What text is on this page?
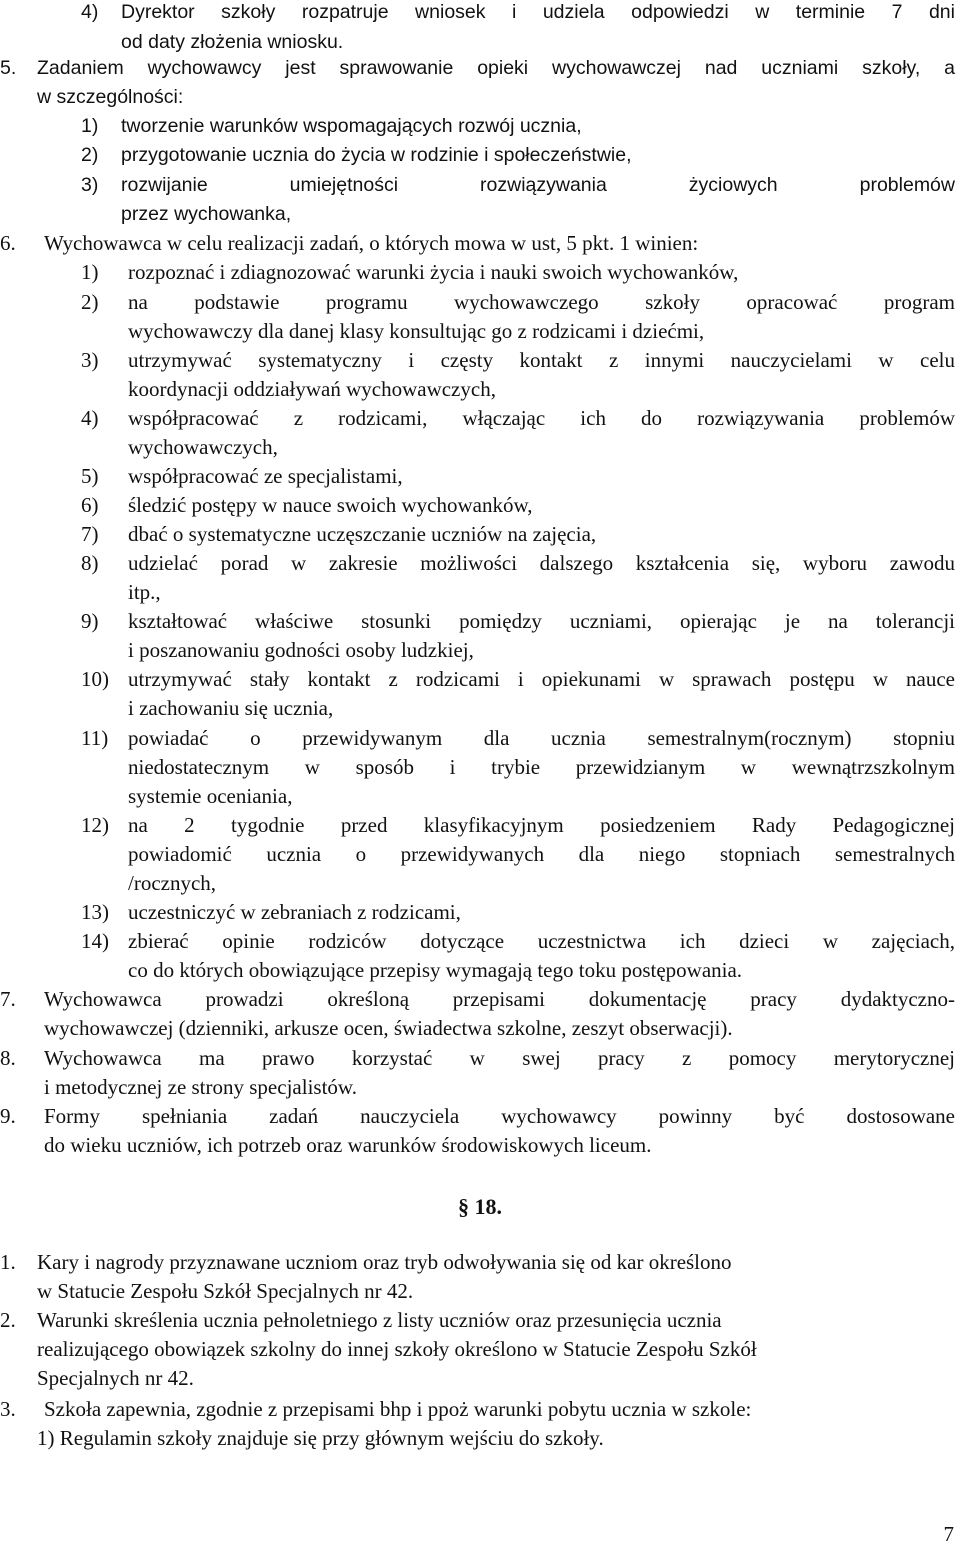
4) Dyrektor szkoły rozpatruje wniosek i udziela odpowiedzi w terminie 7 dni
od daty złożenia wniosku.
5. Zadaniem wychowawcy jest sprawowanie opieki wychowawczej nad uczniami szkoły, a
w szczególności:
1) tworzenie warunków wspomagających rozwój ucznia,
2) przygotowanie ucznia do życia w rodzinie i społeczeństwie,
3) rozwijanie umiejętności rozwiązywania życiowych problemów
przez wychowanka,
6. Wychowawca w celu realizacji zadań, o których mowa w ust, 5 pkt. 1 winien:
1) rozpoznać i zdiagnozować warunki życia i nauki swoich wychowanków,
2) na podstawie programu wychowawczego szkoły opracować program
wychowawczy dla danej klasy konsultując go z rodzicami i dziećmi,
3) utrzymywać systematyczny i częsty kontakt z innymi nauczycielami w celu
koordynacji oddziaływań wychowawczych,
4) współpracować z rodzicami, włączając ich do rozwiązywania problemów
wychowawczych,
5) współpracować ze specjalistami,
6) śledzić postępy w nauce swoich wychowanków,
7) dbać o systematyczne uczęszczanie uczniów na zajęcia,
8) udzielać porad w zakresie możliwości dalszego kształcenia się, wyboru zawodu
itp.,
9) kształtować właściwe stosunki pomiędzy uczniami, opierając je na tolerancji
i poszanowaniu godności osoby ludzkiej,
10) utrzymywać stały kontakt z rodzicami i opiekunami w sprawach postępu w nauce
i zachowaniu się ucznia,
11) powiadać o przewidywanym dla ucznia semestralnym(rocznym) stopniu
niedostatecznym w sposób i trybie przewidzianym w wewnątrzszkolnym
systemie oceniania,
12) na 2 tygodnie przed klasyfikacyjnym posiedzeniem Rady Pedagogicznej
powiadomić ucznia o przewidywanych dla niego stopniach semestralnych
/rocznych,
13) uczestniczyć w zebraniach z rodzicami,
14) zbierać opinie rodziców dotyczące uczestnictwa ich dzieci w zajęciach,
co do których obowiązujące przepisy wymagają tego toku postępowania.
7. Wychowawca prowadzi określoną przepisami dokumentację pracy dydaktyczno-
wychowawczej (dzienniki, arkusze ocen, świadectwa szkolne, zeszyt obserwacji).
8. Wychowawca ma prawo korzystać w swej pracy z pomocy merytorycznej
i metodycznej ze strony specjalistów.
9. Formy spełniania zadań nauczyciela wychowawcy powinny być dostosowane
do wieku uczniów, ich potrzeb oraz warunków środowiskowych liceum.
§ 18.
1. Kary i nagrody przyznawane uczniom oraz tryb odwoływania się od kar określono
w Statucie Zespołu Szkół Specjalnych nr 42.
2. Warunki skreślenia ucznia pełnoletniego z listy uczniów oraz przesunięcia ucznia
realizującego obowiązek szkolny do innej szkoły określono w Statucie Zespołu Szkół
Specjalnych nr 42.
3. Szkoła zapewnia, zgodnie z przepisami bhp i ppoż warunki pobytu ucznia w szkole:
1) Regulamin szkoły znajduje się przy głównym wejściu do szkoły.
7
